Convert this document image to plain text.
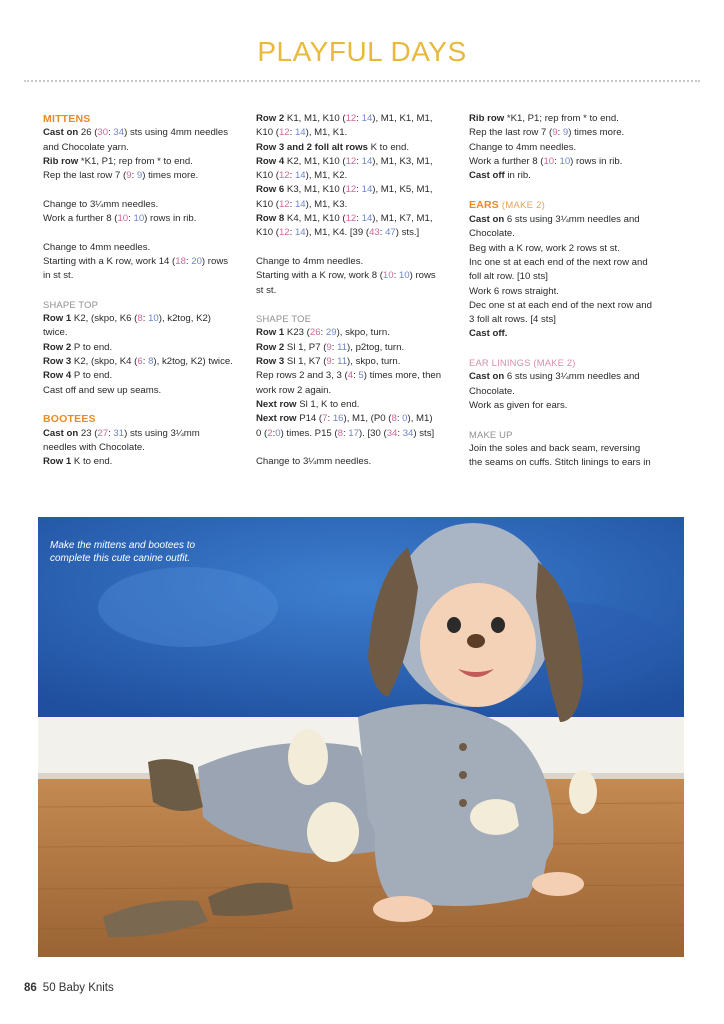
PLAYFUL DAYS
MITTENS
Cast on 26 (30: 34) sts using 4mm needles
and Chocolate yarn.
Rib row *K1, P1; rep from * to end.
Rep the last row 7 (9: 9) times more.
Change to 3¼mm needles.
Work a further 8 (10: 10) rows in rib.
Change to 4mm needles.
Starting with a K row, work 14 (18: 20) rows
in st st.
SHAPE TOP
Row 1 K2, (skpo, K6 (8: 10), k2tog, K2)
twice.
Row 2 P to end.
Row 3 K2, (skpo, K4 (6: 8), k2tog, K2) twice.
Row 4 P to end.
Cast off and sew up seams.
BOOTEES
Cast on 23 (27: 31) sts using 3¼mm
needles with Chocolate.
Row 1 K to end.
Row 2 K1, M1, K10 (12: 14), M1, K1, M1,
K10 (12: 14), M1, K1.
Row 3 and 2 foll alt rows K to end.
Row 4 K2, M1, K10 (12: 14), M1, K3, M1,
K10 (12: 14), M1, K2.
Row 6 K3, M1, K10 (12: 14), M1, K5, M1,
K10 (12: 14), M1, K3.
Row 8 K4, M1, K10 (12: 14), M1, K7, M1,
K10 (12: 14), M1, K4. [39 (43: 47) sts.]
Change to 4mm needles.
Starting with a K row, work 8 (10: 10) rows
st st.
SHAPE TOE
Row 1 K23 (26: 29), skpo, turn.
Row 2 Sl 1, P7 (9: 11), p2tog, turn.
Row 3 Sl 1, K7 (9: 11), skpo, turn.
Rep rows 2 and 3, 3 (4: 5) times more, then
work row 2 again.
Next row Sl 1, K to end.
Next row P14 (7: 16), M1, (P0 (8: 0), M1)
0 (2:0) times. P15 (8: 17). [30 (34: 34) sts]
Change to 3¼mm needles.
Rib row *K1, P1; rep from * to end.
Rep the last row 7 (9: 9) times more.
Change to 4mm needles.
Work a further 8 (10: 10) rows in rib.
Cast off in rib.
EARS (MAKE 2)
Cast on 6 sts using 3¼mm needles and
Chocolate.
Beg with a K row, work 2 rows st st.
Inc one st at each end of the next row and
foll alt row. [10 sts]
Work 6 rows straight.
Dec one st at each end of the next row and
3 foll alt rows. [4 sts]
Cast off.
EAR LININGS (MAKE 2)
Cast on 6 sts using 3¼mm needles and
Chocolate.
Work as given for ears.
MAKE UP
Join the soles and back seam, reversing
the seams on cuffs. Stitch linings to ears in
Make the mittens and bootees to complete this cute canine outfit.
86 50 Baby Knits
